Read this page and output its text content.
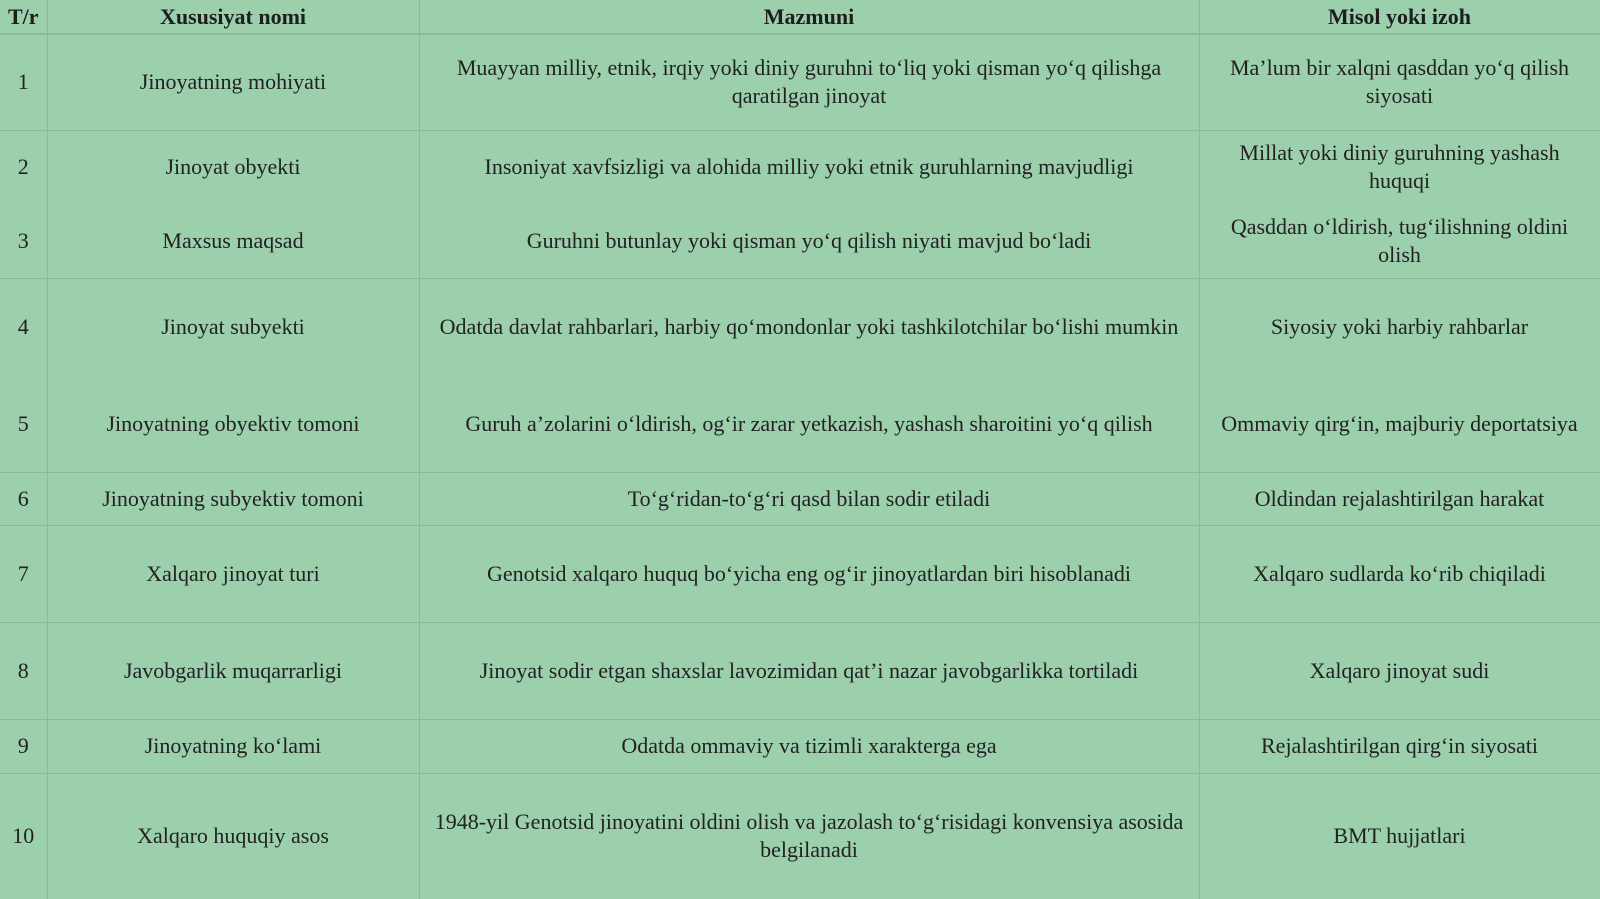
T/r	Xususiyat nomi	Mazmuni	Misol yoki izoh
1	Jinoyatning mohiyati	Muayyan milliy, etnik, irqiy yoki diniy guruhni to‘liq yoki qisman yo‘q qilishga qaratilgan jinoyat	Ma’lum bir xalqni qasddan yo‘q qilish siyosati
2	Jinoyat obyekti	Insoniyat xavfsizligi va alohida milliy yoki etnik guruhlarning mavjudligi	Millat yoki diniy guruhning yashash huquqi
3	Maxsus maqsad	Guruhni butunlay yoki qisman yo‘q qilish niyati mavjud bo‘ladi	Qasddan o‘ldirish, tug‘ilishning oldini olish
4	Jinoyat subyekti	Odatda davlat rahbarlari, harbiy qo‘mondonlar yoki tashkilotchilar bo‘lishi mumkin	Siyosiy yoki harbiy rahbarlar
5	Jinoyatning obyektiv tomoni	Guruh a’zolarini o‘ldirish, og‘ir zarar yetkazish, yashash sharoitini yo‘q qilish	Ommaviy qirg‘in, majburiy deportatsiya
6	Jinoyatning subyektiv tomoni	To‘g‘ridan-to‘g‘ri qasd bilan sodir etiladi	Oldindan rejalashtirilgan harakat
7	Xalqaro jinoyat turi	Genotsid xalqaro huquq bo‘yicha eng og‘ir jinoyatlardan biri hisoblanadi	Xalqaro sudlarda ko‘rib chiqiladi
8	Javobgarlik muqarrarligi	Jinoyat sodir etgan shaxslar lavozimidan qat’i nazar javobgarlikka tortiladi	Xalqaro jinoyat sudi
9	Jinoyatning ko‘lami	Odatda ommaviy va tizimli xarakterga ega	Rejalashtirilgan qirg‘in siyosati
10	Xalqaro huquqiy asos	1948-yil Genotsid jinoyatini oldini olish va jazolash to‘g‘risidagi konvensiya asosida belgilanadi	BMT hujjatlari
